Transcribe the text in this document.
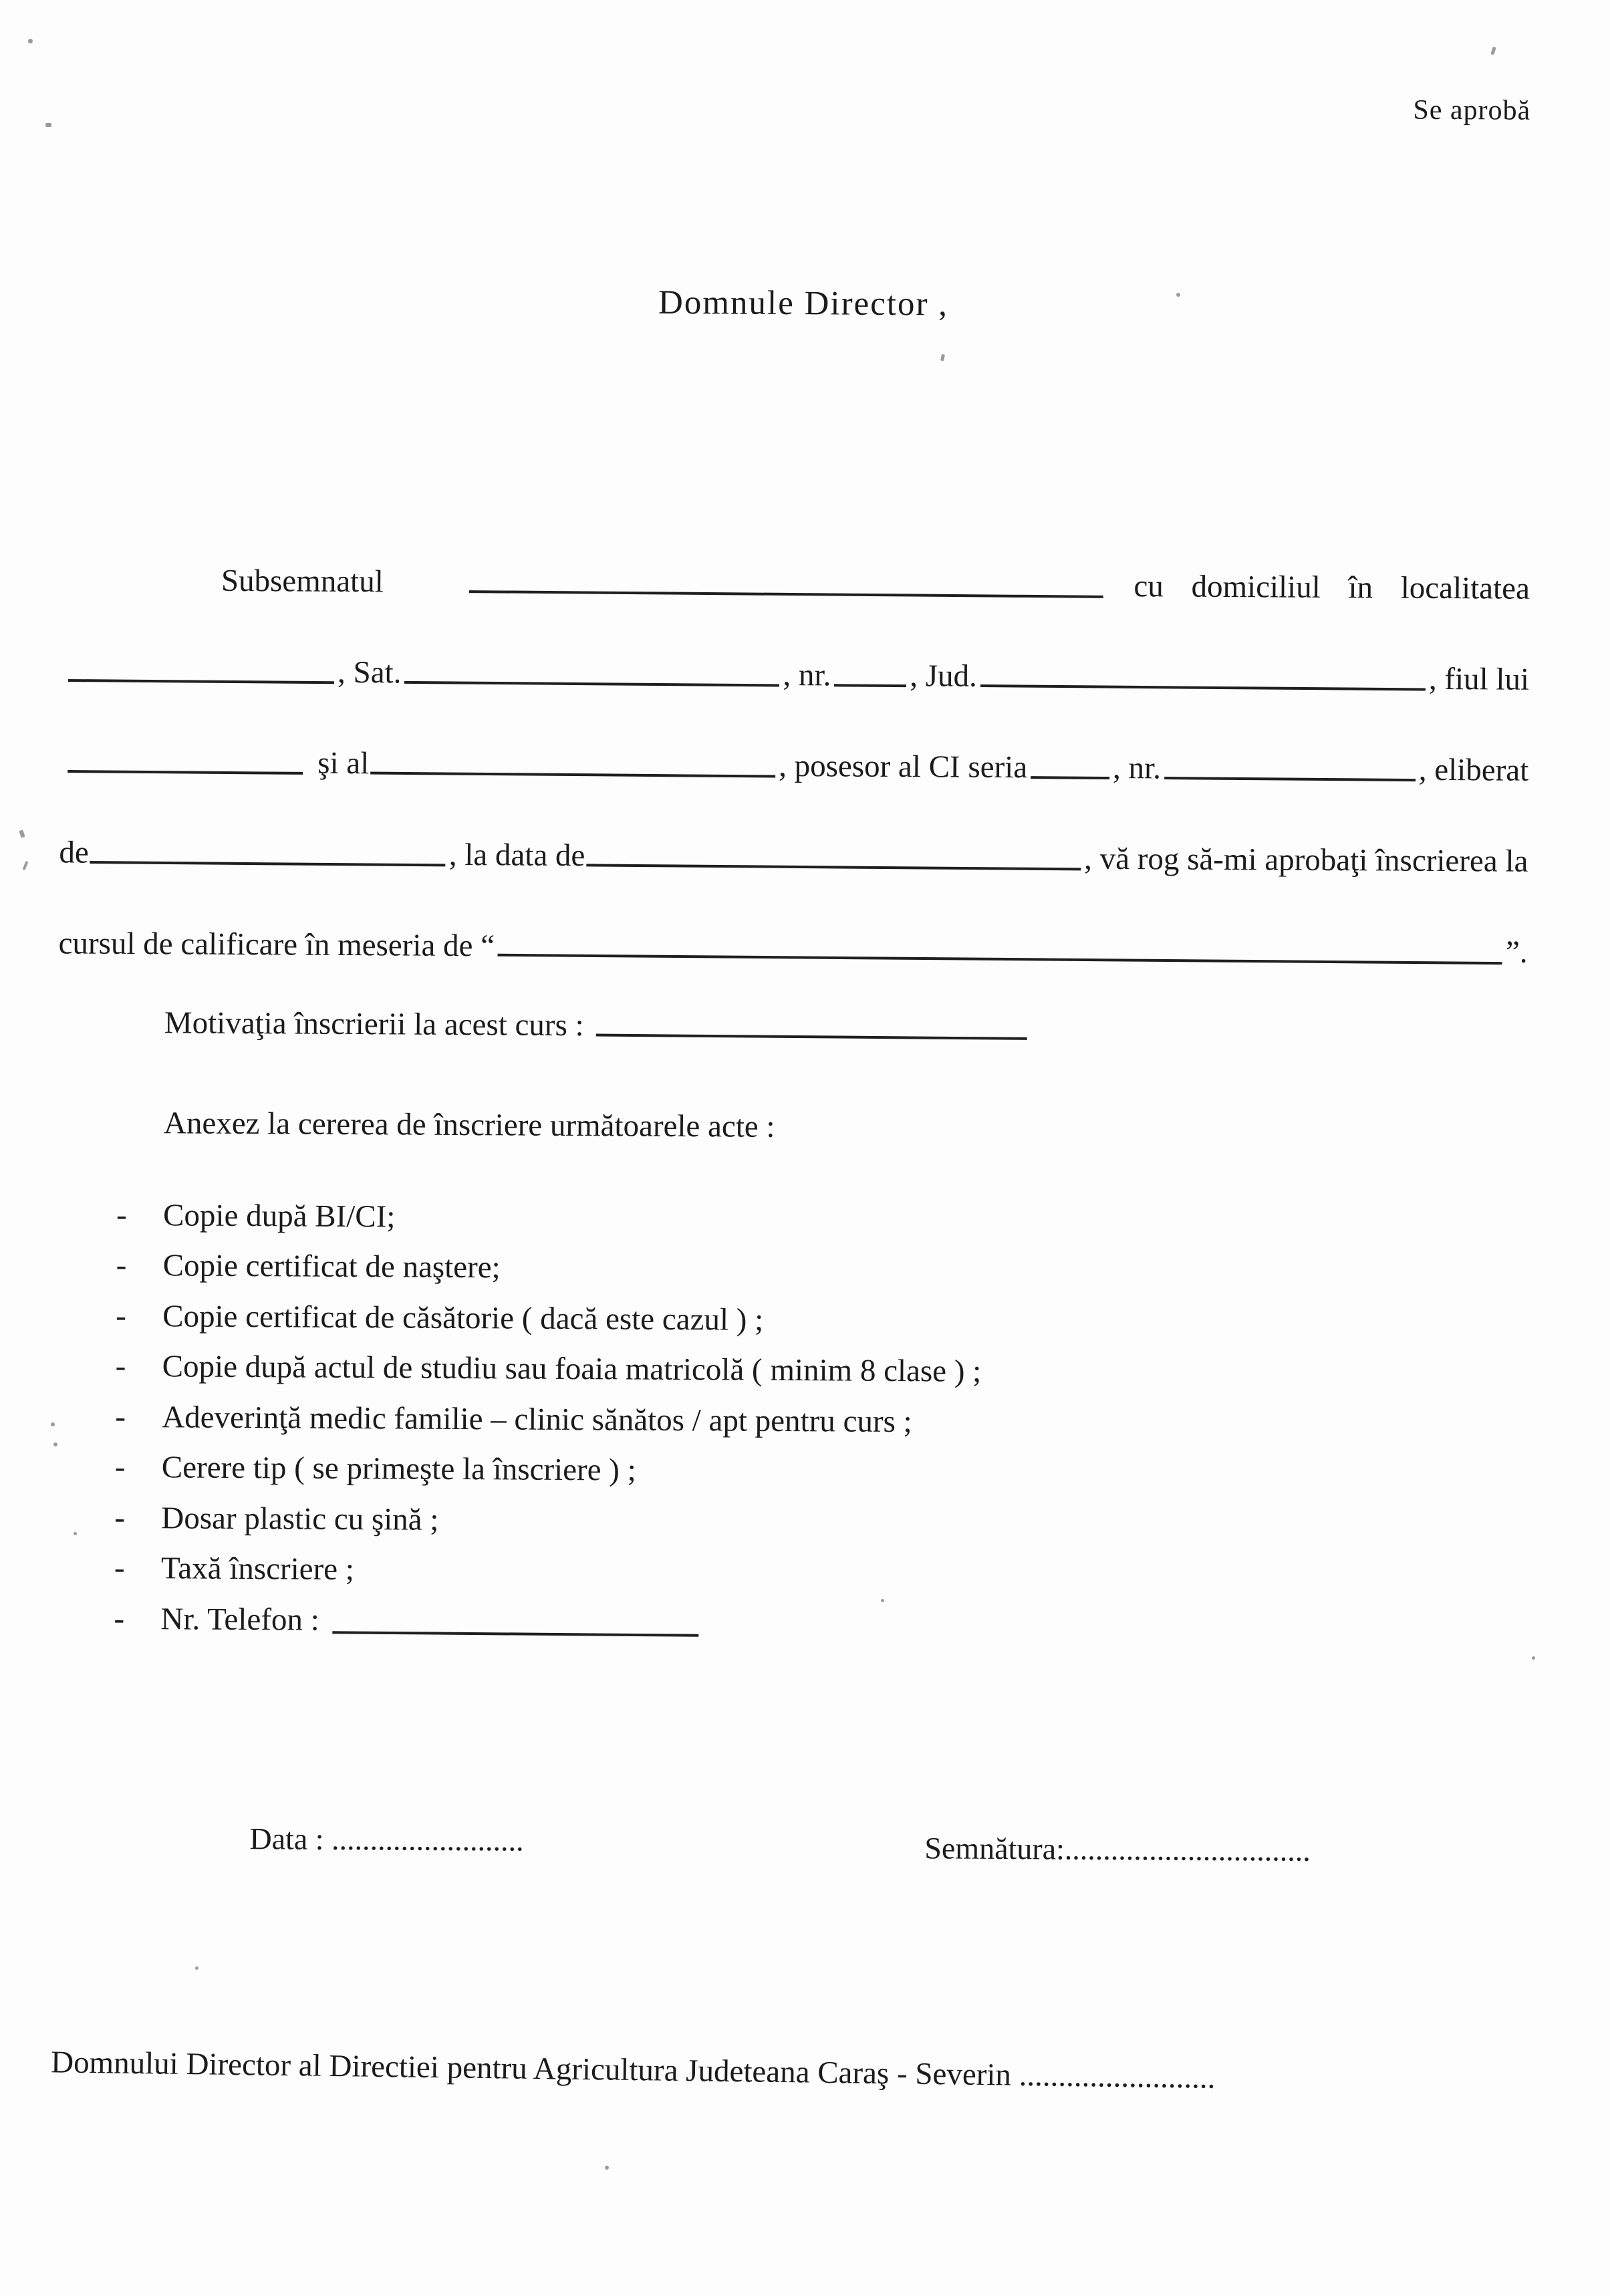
Se aprobă
Domnule Director ,
Subsemnatul	cu domiciliul în localitatea
, Sat.	, nr.	, Jud.	, fiul lui
şi al	, posesor al CI seria	, nr.	, eliberat
de	, la data de	, vă rog să-mi aprobaţi înscrierea la
cursul de calificare în meseria de “	”.
Motivaţia înscrierii la acest curs :
Anexez la cererea de înscriere următoarele acte :
-	Copie după BI/CI;
-	Copie certificat de naştere;
-	Copie certificat de căsătorie ( dacă este cazul ) ;
-	Copie după actul de studiu sau foaia matricolă ( minim 8 clase ) ;
-	Adeverinţă medic familie – clinic sănătos / apt pentru curs ;
-	Cerere tip ( se primeşte la înscriere ) ;
-	Dosar plastic cu şină ;
-	Taxă înscriere ;
-	Nr. Telefon :
Data : .........................	Semnătura:................................
Domnului Director al Directiei pentru Agricultura Judeteana Caraş - Severin .........................
